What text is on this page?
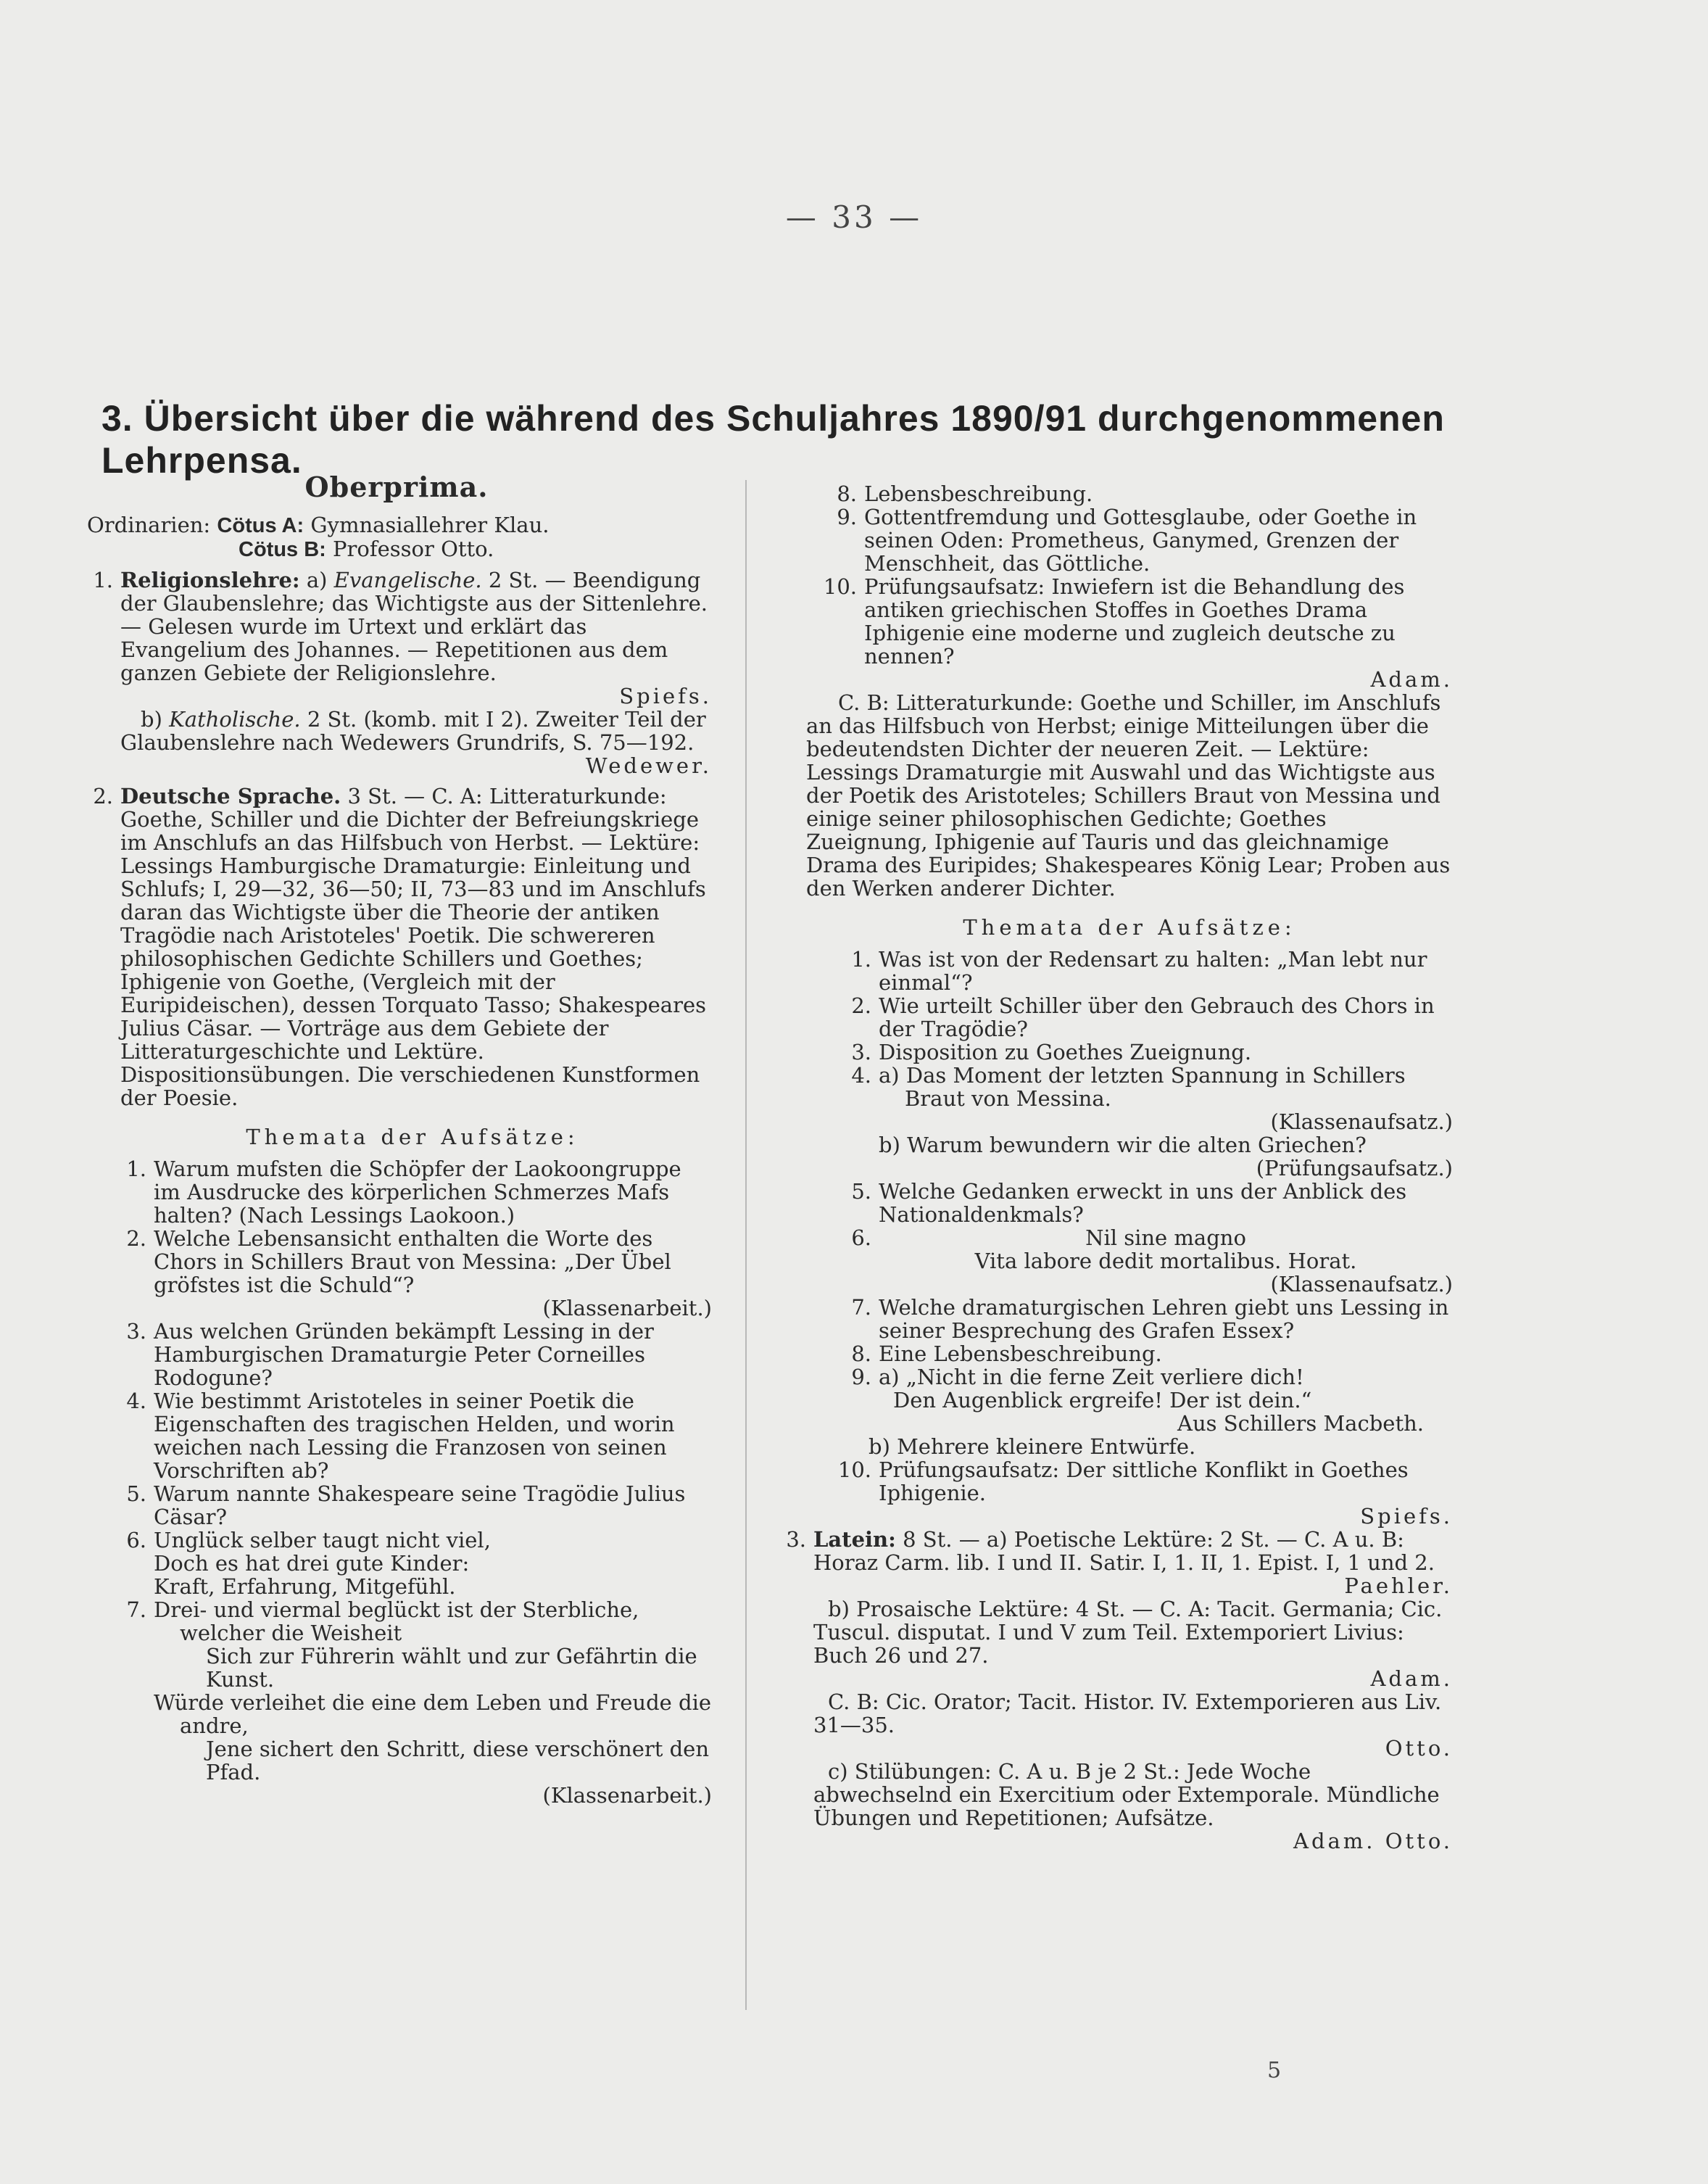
— 33 —
3. Übersicht über die während des Schuljahres 1890/91 durchgenommenen Lehrpensa.

Oberprima.

Ordinarien: Cötus A: Gymnasiallehrer Klau.

Cötus B: Professor Otto.

1. Religionslehre: a) Evangelische. 2 St. — Beendigung der Glaubenslehre; das Wichtigste aus der Sittenlehre. — Gelesen wurde im Urtext und erklärt das Evangelium des Johannes. — Repetitionen aus dem ganzen Gebiete der Religionslehre.

Spiefs.

b) Katholische. 2 St. (komb. mit I 2). Zweiter Teil der Glaubenslehre nach Wedewers Grundrifs, S. 75—192.

Wedewer.

2. Deutsche Sprache. 3 St. — C. A: Litteraturkunde: Goethe, Schiller und die Dichter der Befreiungskriege im Anschlufs an das Hilfsbuch von Herbst. — Lektüre: Lessings Hamburgische Dramaturgie: Einleitung und Schlufs; I, 29—32, 36—50; II, 73—83 und im Anschlufs daran das Wichtigste über die Theorie der antiken Tragödie nach Aristoteles' Poetik. Die schwereren philosophischen Gedichte Schillers und Goethes; Iphigenie von Goethe, (Vergleich mit der Euripideischen), dessen Torquato Tasso; Shakespeares Julius Cäsar. — Vorträge aus dem Gebiete der Litteraturgeschichte und Lektüre. Dispositionsübungen. Die verschiedenen Kunstformen der Poesie.

Themata der Aufsätze:

1. Warum mufsten die Schöpfer der Laokoongruppe im Ausdrucke des körperlichen Schmerzes Mafs halten? (Nach Lessings Laokoon.)

2. Welche Lebensansicht enthalten die Worte des Chors in Schillers Braut von Messina: „Der Übel gröfstes ist die Schuld“?

(Klassenarbeit.)

3. Aus welchen Gründen bekämpft Lessing in der Hamburgischen Dramaturgie Peter Corneilles Rodogune?

4. Wie bestimmt Aristoteles in seiner Poetik die Eigenschaften des tragischen Helden, und worin weichen nach Lessing die Franzosen von seinen Vorschriften ab?

5. Warum nannte Shakespeare seine Tragödie Julius Cäsar?

6. Unglück selber taugt nicht viel,

Doch es hat drei gute Kinder:

Kraft, Erfahrung, Mitgefühl.

7. Drei- und viermal beglückt ist der Sterbliche, welcher die Weisheit

Sich zur Führerin wählt und zur Gefährtin die Kunst.

Würde verleihet die eine dem Leben und Freude die andre,

Jene sichert den Schritt, diese verschönert den Pfad.

(Klassenarbeit.)

8. Lebensbeschreibung.

9. Gottentfremdung und Gottesglaube, oder Goethe in seinen Oden: Prometheus, Ganymed, Grenzen der Menschheit, das Göttliche.

10. Prüfungsaufsatz: Inwiefern ist die Behandlung des antiken griechischen Stoffes in Goethes Drama Iphigenie eine moderne und zugleich deutsche zu nennen?

Adam.

C. B: Litteraturkunde: Goethe und Schiller, im Anschlufs an das Hilfsbuch von Herbst; einige Mitteilungen über die bedeutendsten Dichter der neueren Zeit. — Lektüre: Lessings Dramaturgie mit Auswahl und das Wichtigste aus der Poetik des Aristoteles; Schillers Braut von Messina und einige seiner philosophischen Gedichte; Goethes Zueignung, Iphigenie auf Tauris und das gleichnamige Drama des Euripides; Shakespeares König Lear; Proben aus den Werken anderer Dichter.

Themata der Aufsätze:

1. Was ist von der Redensart zu halten: „Man lebt nur einmal“?

2. Wie urteilt Schiller über den Gebrauch des Chors in der Tragödie?

3. Disposition zu Goethes Zueignung.

4. a) Das Moment der letzten Spannung in Schillers Braut von Messina.

(Klassenaufsatz.)

b) Warum bewundern wir die alten Griechen?

(Prüfungsaufsatz.)

5. Welche Gedanken erweckt in uns der Anblick des Nationaldenkmals?

6.	Nil sine magno

Vita labore dedit mortalibus. Horat.

(Klassenaufsatz.)

7. Welche dramaturgischen Lehren giebt uns Lessing in seiner Besprechung des Grafen Essex?

8. Eine Lebensbeschreibung.

9. a) „Nicht in die ferne Zeit verliere dich!

Den Augenblick ergreife! Der ist dein.“

Aus Schillers Macbeth.

b) Mehrere kleinere Entwürfe.

10. Prüfungsaufsatz: Der sittliche Konflikt in Goethes Iphigenie.

Spiefs.

3. Latein: 8 St. — a) Poetische Lektüre: 2 St. — C. A u. B: Horaz Carm. lib. I und II. Satir. I, 1. II, 1. Epist. I, 1 und 2.

Paehler.

b) Prosaische Lektüre: 4 St. — C. A: Tacit. Germania; Cic. Tuscul. disputat. I und V zum Teil. Extemporiert Livius: Buch 26 und 27.

Adam.

C. B: Cic. Orator; Tacit. Histor. IV. Extemporieren aus Liv. 31—35.

Otto.

c) Stilübungen: C. A u. B je 2 St.: Jede Woche abwechselnd ein Exercitium oder Extemporale. Mündliche Übungen und Repetitionen; Aufsätze.

Adam. Otto.

5
